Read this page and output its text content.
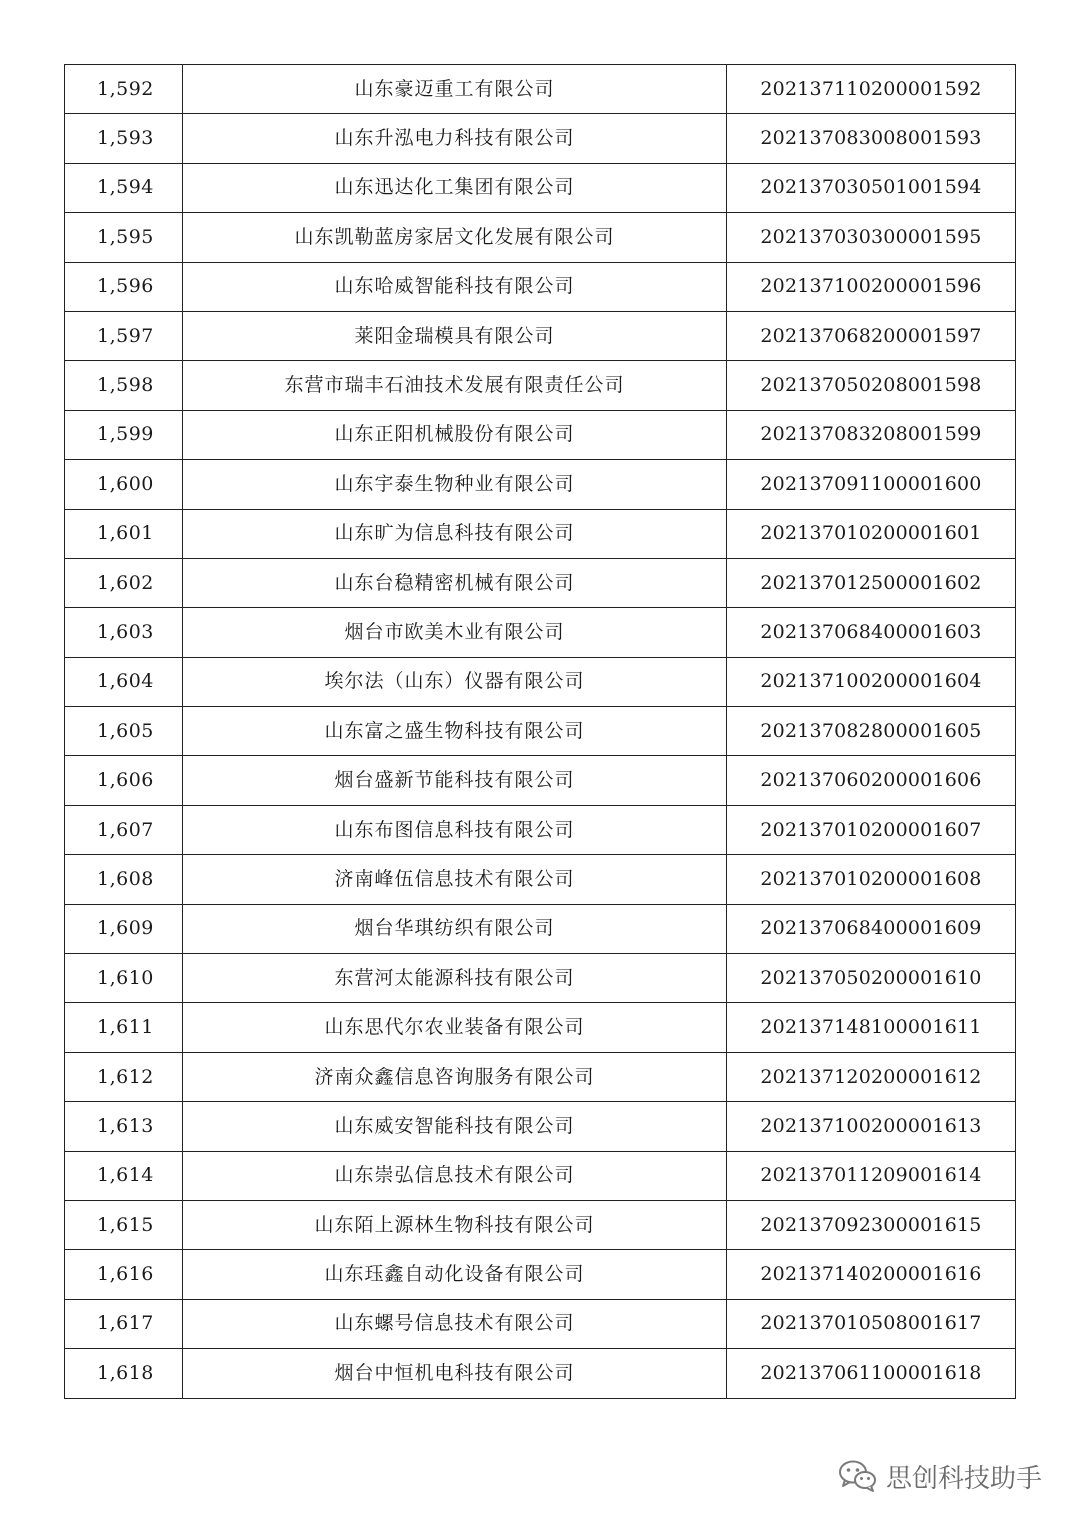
1,592	山东豪迈重工有限公司	202137110200001592
1,593	山东升泓电力科技有限公司	202137083008001593
1,594	山东迅达化工集团有限公司	202137030501001594
1,595	山东凯勒蓝房家居文化发展有限公司	202137030300001595
1,596	山东哈威智能科技有限公司	202137100200001596
1,597	莱阳金瑞模具有限公司	202137068200001597
1,598	东营市瑞丰石油技术发展有限责任公司	202137050208001598
1,599	山东正阳机械股份有限公司	202137083208001599
1,600	山东宇泰生物种业有限公司	202137091100001600
1,601	山东旷为信息科技有限公司	202137010200001601
1,602	山东台稳精密机械有限公司	202137012500001602
1,603	烟台市欧美木业有限公司	202137068400001603
1,604	埃尔法（山东）仪器有限公司	202137100200001604
1,605	山东富之盛生物科技有限公司	202137082800001605
1,606	烟台盛新节能科技有限公司	202137060200001606
1,607	山东布图信息科技有限公司	202137010200001607
1,608	济南峰伍信息技术有限公司	202137010200001608
1,609	烟台华琪纺织有限公司	202137068400001609
1,610	东营河太能源科技有限公司	202137050200001610
1,611	山东思代尔农业装备有限公司	202137148100001611
1,612	济南众鑫信息咨询服务有限公司	202137120200001612
1,613	山东威安智能科技有限公司	202137100200001613
1,614	山东崇弘信息技术有限公司	202137011209001614
1,615	山东陌上源林生物科技有限公司	202137092300001615
1,616	山东珏鑫自动化设备有限公司	202137140200001616
1,617	山东螺号信息技术有限公司	202137010508001617
1,618	烟台中恒机电科技有限公司	202137061100001618
思创科技助手
